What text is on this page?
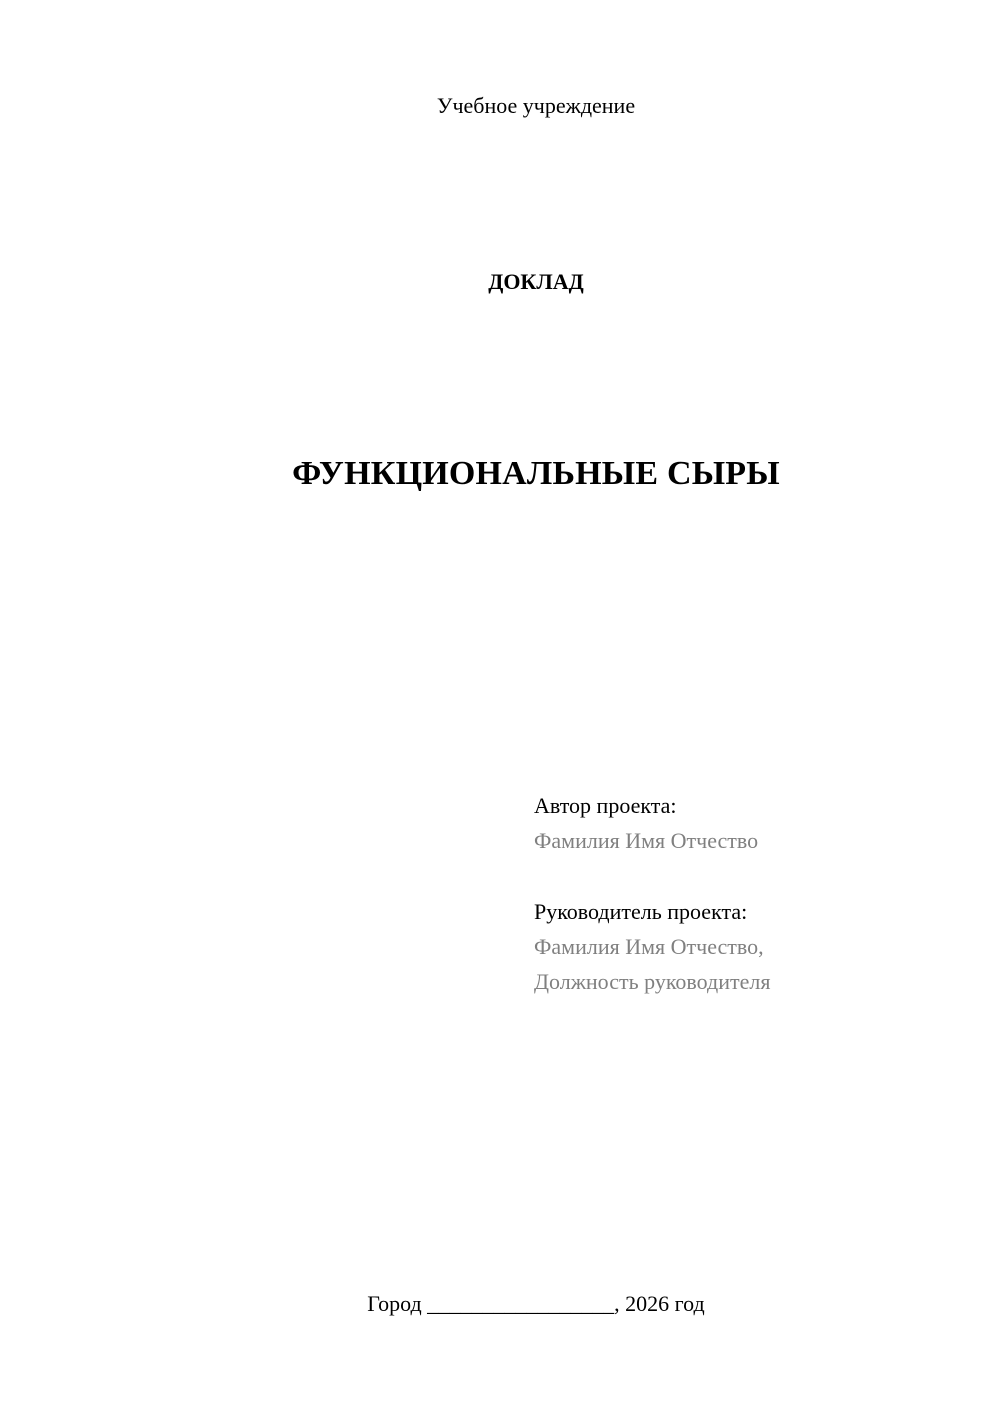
Учебное учреждение
ДОКЛАД
ФУНКЦИОНАЛЬНЫЕ СЫРЫ
Автор проекта:
Фамилия Имя Отчество
Руководитель проекта:
Фамилия Имя Отчество,
Должность руководителя
Город _________________, 2026 год
